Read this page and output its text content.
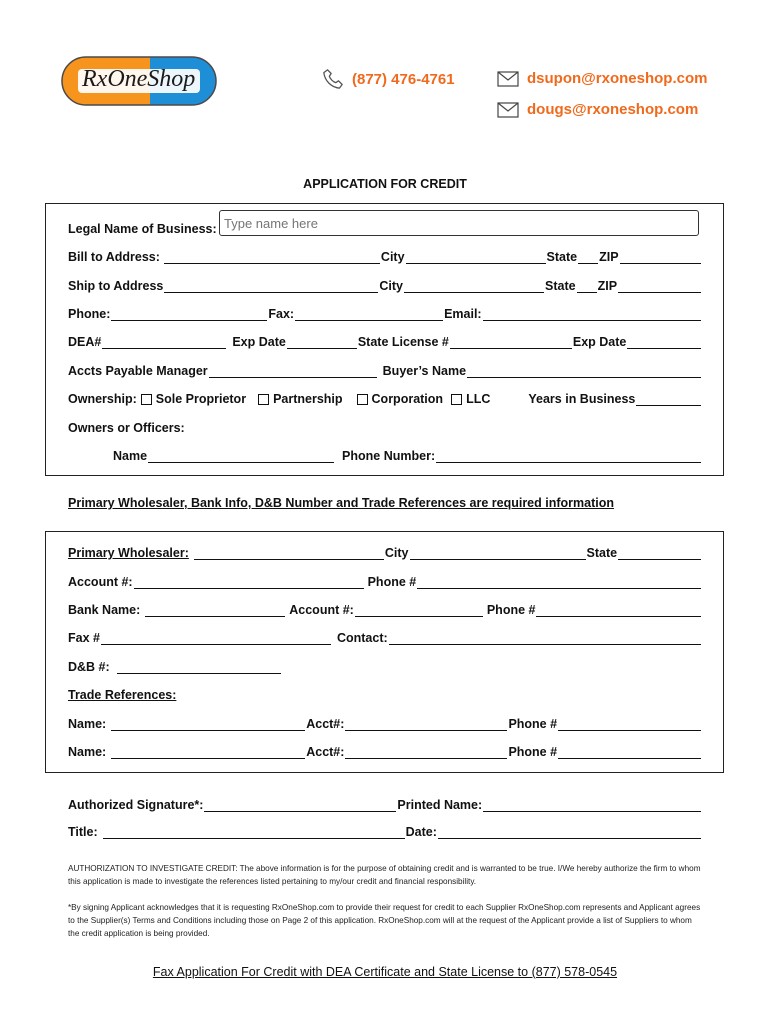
RxOneShop	(877) 476-4761	dsupon@rxoneshop.com
dougs@rxoneshop.com
APPLICATION FOR CREDIT
Legal Name of Business:
Type name here
Bill to Address:	City	State ZIP
Ship to Address	City	State ZIP
Phone:	Fax:	Email:
DEA#	Exp Date	State License #	Exp Date
Accts Payable Manager	Buyer’s Name
Ownership: Sole Proprietor Partnership Corporation LLC	Years in Business
Owners or Officers:
Name	Phone Number:
Primary Wholesaler, Bank Info, D&B Number and Trade References are required information
Primary Wholesaler:	City	State
Account #:	Phone #
Bank Name:	Account #:	Phone #
Fax #	Contact:
D&B #:
Trade References:
Name:	Acct#:	Phone #
Name:	Acct#:	Phone #
Authorized Signature*:	Printed Name:
Title:	Date:
AUTHORIZATION TO INVESTIGATE CREDIT: The above information is for the purpose of obtaining credit and is warranted to be true. I/We hereby authorize the firm to whom this application is made to investigate the references listed pertaining to my/our credit and financial responsibility.
*By signing Applicant acknowledges that it is requesting RxOneShop.com to provide their request for credit to each Supplier RxOneShop.com represents and Applicant agrees to the Supplier(s) Terms and Conditions including those on Page 2 of this application. RxOneShop.com will at the request of the Applicant provide a list of Suppliers to whom the credit application is being provided.
Fax Application For Credit with DEA Certificate and State License to (877) 578-0545
